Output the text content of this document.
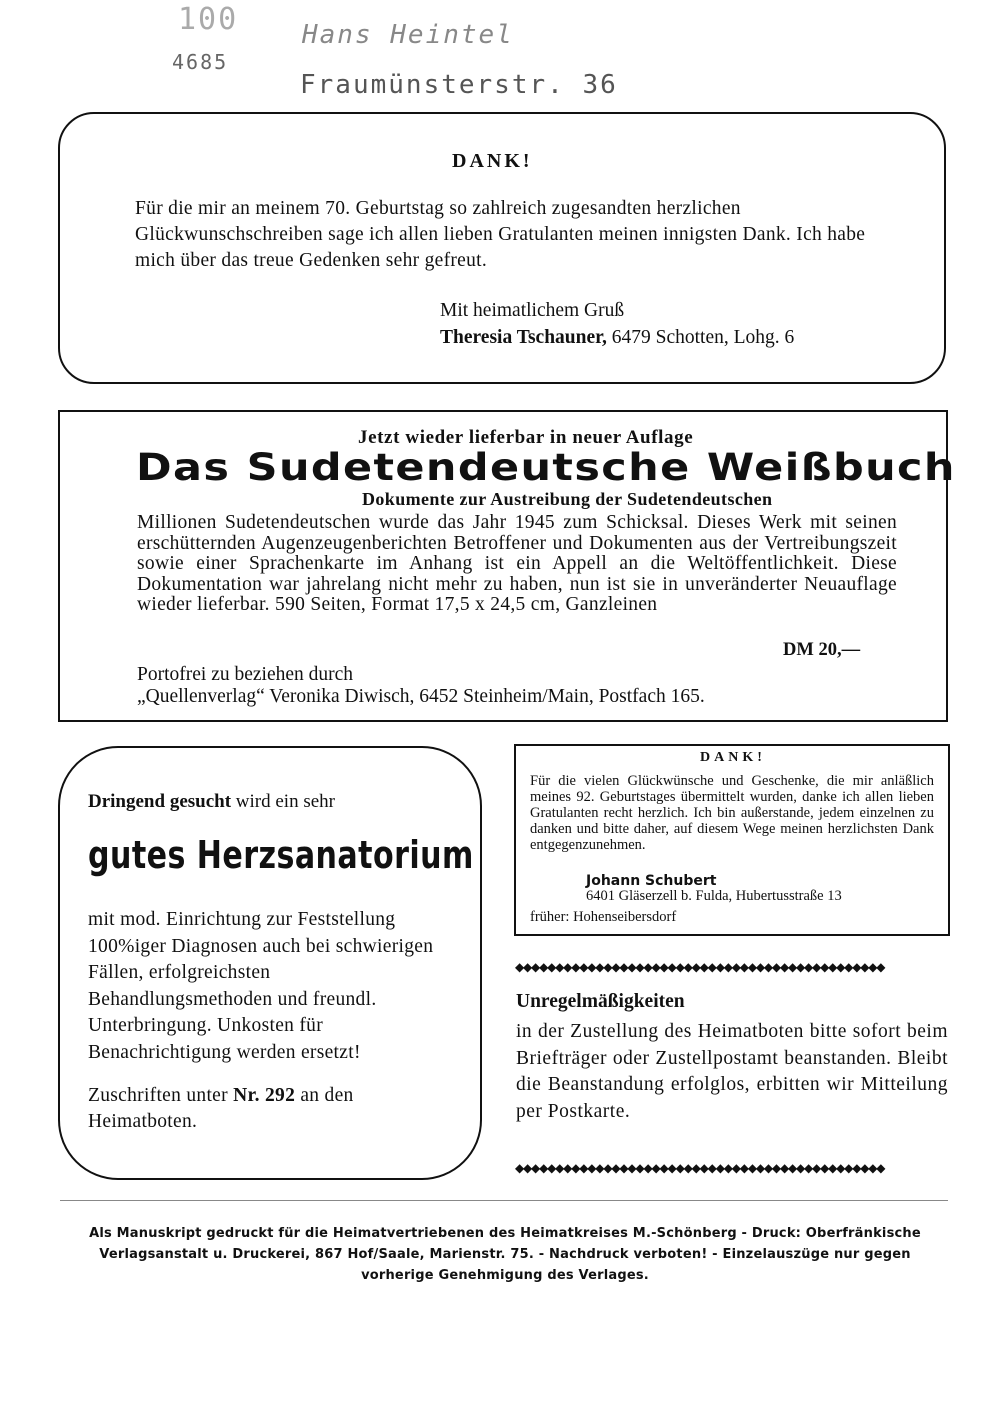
100
4685
Hans Heintel
Fraumünsterstr. 36
DANK!
Für die mir an meinem 70. Geburtstag so zahlreich zugesandten herzlichen Glückwunschschreiben sage ich allen lieben Gratulanten meinen innigsten Dank. Ich habe mich über das treue Gedenken sehr gefreut.
Mit heimatlichem Gruß
Theresia Tschauner, 6479 Schotten, Lohg. 6
Jetzt wieder lieferbar in neuer Auflage
Das Sudetendeutsche Weißbuch
Dokumente zur Austreibung der Sudetendeutschen
Millionen Sudetendeutschen wurde das Jahr 1945 zum Schicksal. Dieses Werk mit seinen erschütternden Augenzeugenberichten Betroffener und Dokumenten aus der Vertreibungszeit sowie einer Sprachenkarte im Anhang ist ein Appell an die Weltöffentlichkeit. Diese Dokumentation war jahrelang nicht mehr zu haben, nun ist sie in unveränderter Neuauflage wieder lieferbar. 590 Seiten, Format 17,5 x 24,5 cm, Ganzleinen
DM 20,—
Portofrei zu beziehen durch
„Quellenverlag“ Veronika Diwisch, 6452 Steinheim/Main, Postfach 165.
Dringend gesucht wird ein sehr
gutes Herzsanatorium
mit mod. Einrichtung zur Feststellung 100%iger Diagnosen auch bei schwierigen Fällen, erfolgreichsten Behandlungsmethoden und freundl. Unterbringung. Unkosten für Benachrichtigung werden ersetzt!
Zuschriften unter Nr. 292 an den Heimatboten.
DANK!
Für die vielen Glückwünsche und Geschenke, die mir anläßlich meines 92. Geburtstages übermittelt wurden, danke ich allen lieben Gratulanten recht herzlich. Ich bin außerstande, jedem einzelnen zu danken und bitte daher, auf diesem Wege meinen herzlichsten Dank entgegenzunehmen.
Johann Schubert
6401 Gläserzell b. Fulda, Hubertusstraße 13
früher: Hohenseibersdorf
◆◆◆◆◆◆◆◆◆◆◆◆◆◆◆◆◆◆◆◆◆◆◆◆◆◆◆◆◆◆◆◆◆◆◆◆◆◆◆◆◆◆◆◆◆◆
Unregelmäßigkeiten
in der Zustellung des Heimatboten bitte sofort beim Briefträger oder Zustellpostamt beanstanden. Bleibt die Beanstandung erfolglos, erbitten wir Mitteilung per Postkarte.
◆◆◆◆◆◆◆◆◆◆◆◆◆◆◆◆◆◆◆◆◆◆◆◆◆◆◆◆◆◆◆◆◆◆◆◆◆◆◆◆◆◆◆◆◆◆
Als Manuskript gedruckt für die Heimatvertriebenen des Heimatkreises M.-Schönberg - Druck: Oberfränkische Verlagsanstalt u. Druckerei, 867 Hof/Saale, Marienstr. 75. - Nachdruck verboten! - Einzelauszüge nur gegen vorherige Genehmigung des Verlages.
